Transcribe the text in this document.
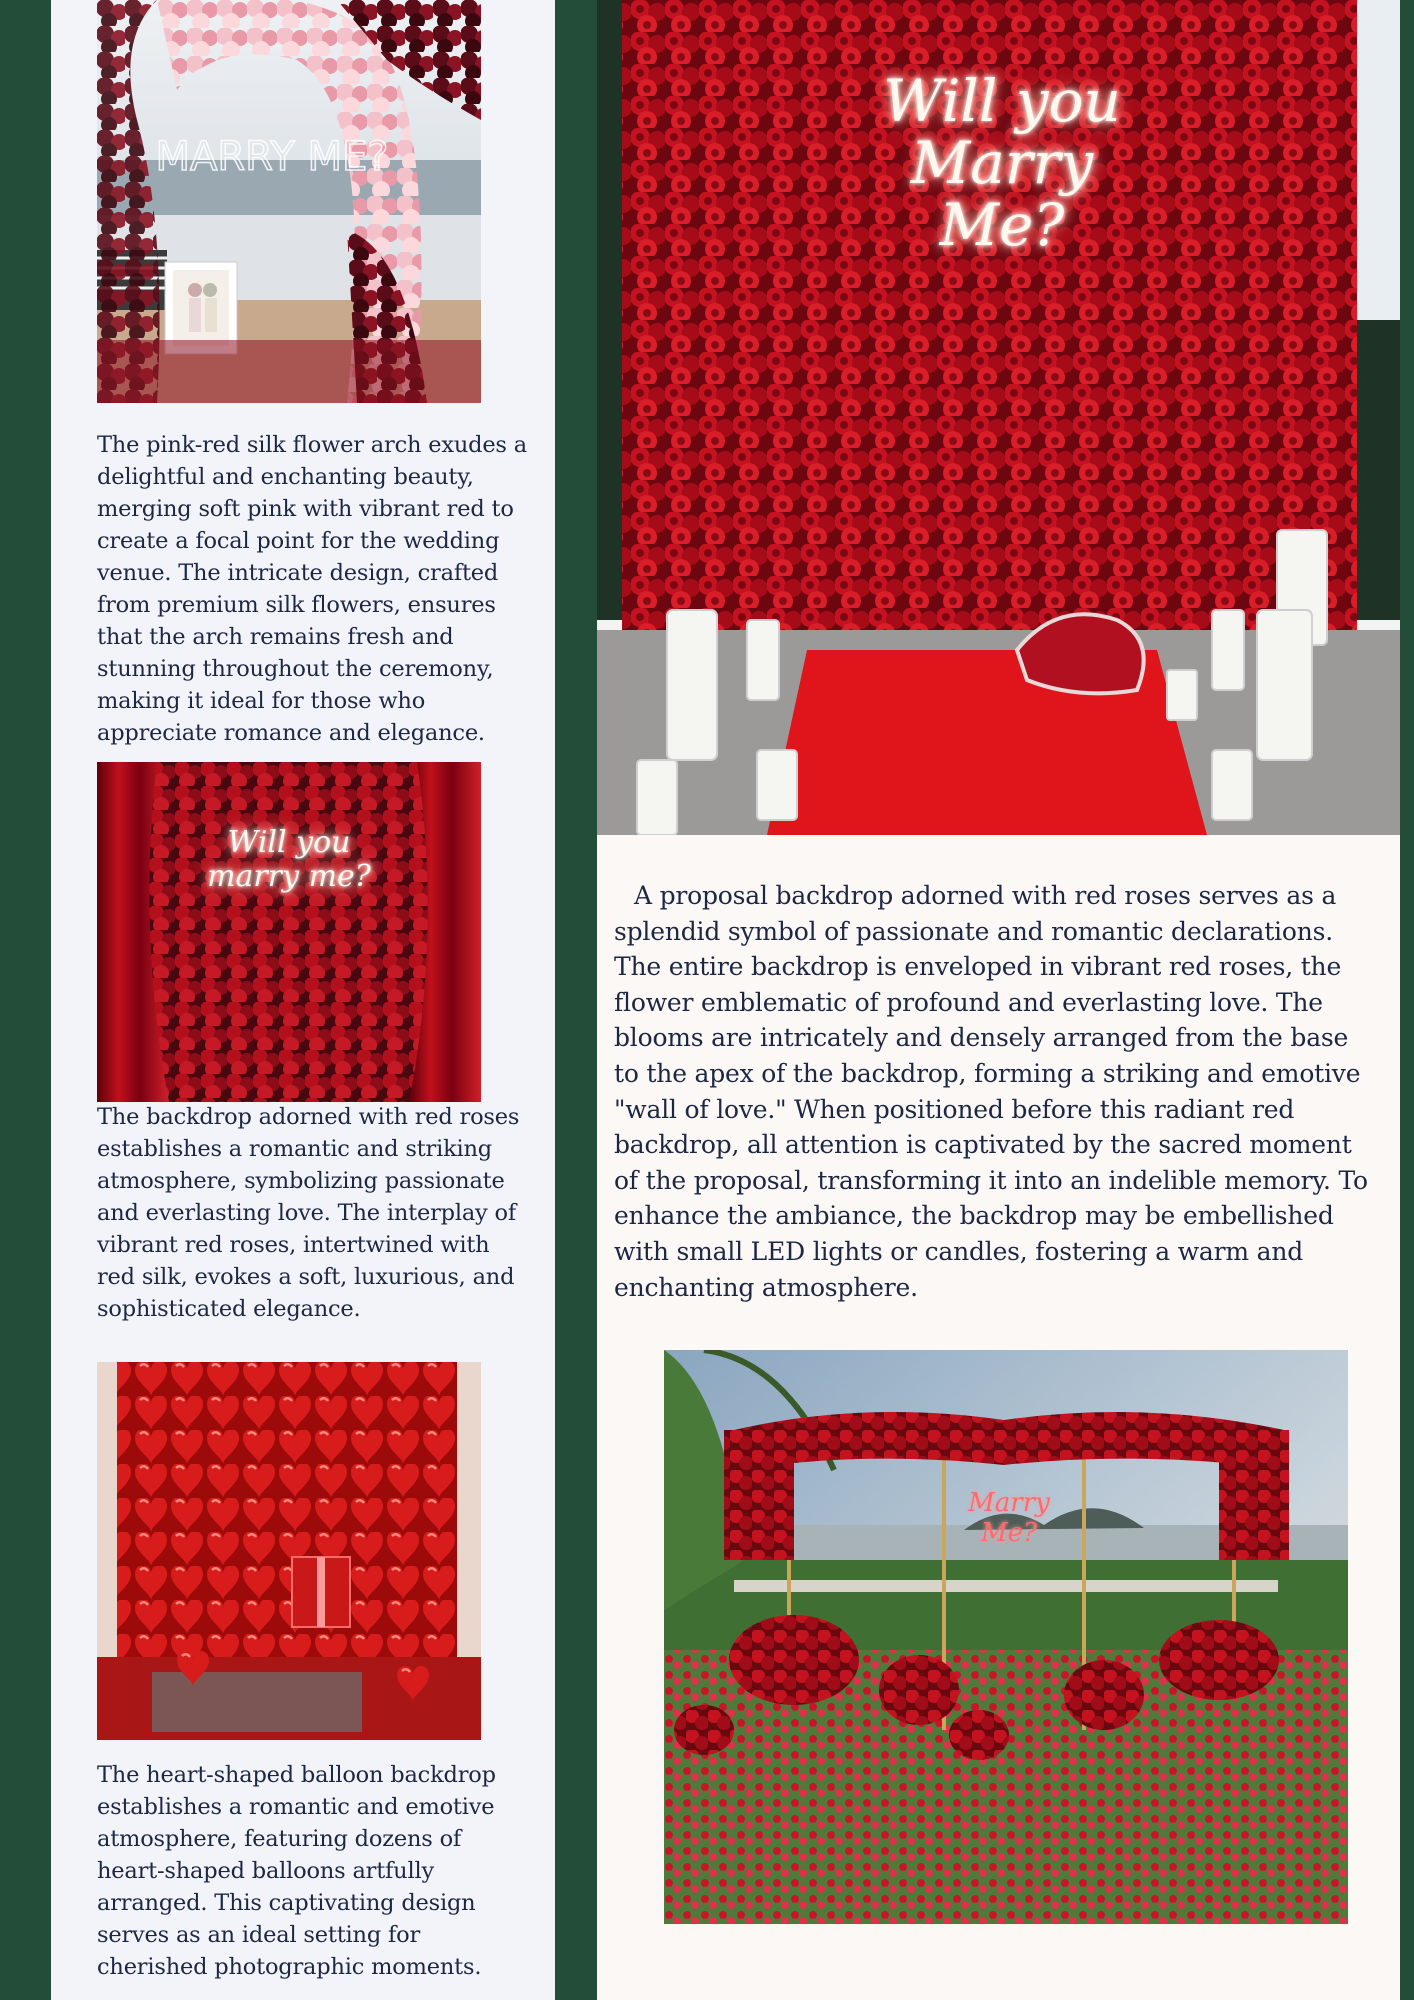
MARRY ME?

The pink-red silk flower arch exudes a delightful and enchanting beauty, merging soft pink with vibrant red to create a focal point for the wedding venue. The intricate design, crafted from premium silk flowers, ensures that the arch remains fresh and stunning throughout the ceremony, making it ideal for those who appreciate romance and elegance.

Will you
marry me?

The backdrop adorned with red roses establishes a romantic and striking atmosphere, symbolizing passionate and everlasting love. The interplay of vibrant red roses, intertwined with red silk, evokes a soft, luxurious, and sophisticated elegance.

The heart-shaped balloon backdrop establishes a romantic and emotive atmosphere, featuring dozens of heart-shaped balloons artfully arranged. This captivating design serves as an ideal setting for cherished photographic moments.

Will you
Marry Me?

A proposal backdrop adorned with red roses serves as a splendid symbol of passionate and romantic declarations. The entire backdrop is enveloped in vibrant red roses, the flower emblematic of profound and everlasting love. The blooms are intricately and densely arranged from the base to the apex of the backdrop, forming a striking and emotive "wall of love." When positioned before this radiant red backdrop, all attention is captivated by the sacred moment of the proposal, transforming it into an indelible memory. To enhance the ambiance, the backdrop may be embellished with small LED lights or candles, fostering a warm and enchanting atmosphere.

Marry
Me?
